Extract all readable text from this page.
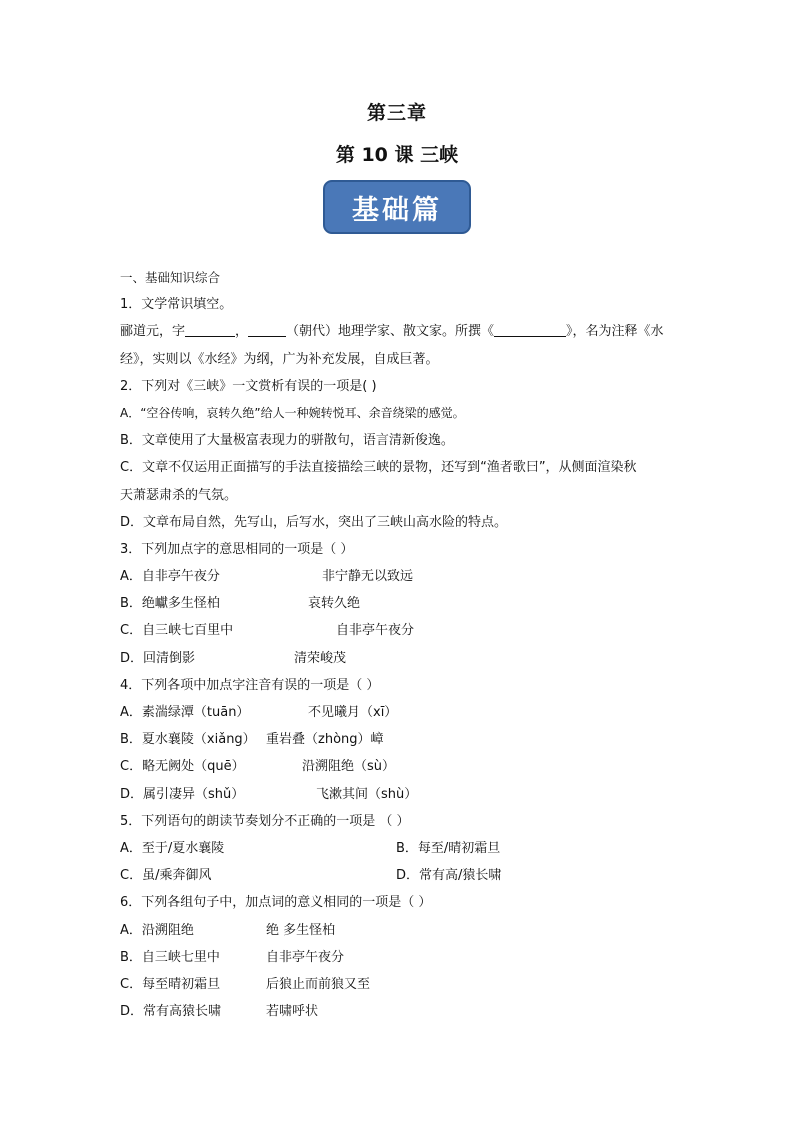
第三章
第 10 课 三峡
基础篇
一、基础知识综合
1．文学常识填空。
郦道元，字	，	（朝代）地理学家、散文家。所撰《	》，名为注释《水
经》，实则以《水经》为纲，广为补充发展，自成巨著。
2．下列对《三峡》一文赏析有误的一项是( )
A．“空谷传响，哀转久绝”给人一种婉转悦耳、余音绕梁的感觉。
B．文章使用了大量极富表现力的骈散句，语言清新俊逸。
C．文章不仅运用正面描写的手法直接描绘三峡的景物，还写到“渔者歌曰”，从侧面渲染秋
天萧瑟肃杀的气氛。
D．文章布局自然，先写山，后写水，突出了三峡山高水险的特点。
3．下列加点字的意思相同的一项是（ ）
A．自非亭午夜分	非宁静无以致远
B．绝巘多生怪柏	哀转久绝
C．自三峡七百里中	自非亭午夜分
D．回清倒影	清荣峻茂
4．下列各项中加点字注音有误的一项是（ ）
A．素湍绿潭（tuān）	不见曦月（xī）
B．夏水襄陵（xiǎng） 重岩叠（zhòng）嶂
C．略无阙处（quē）	沿溯阻绝（sù）
D．属引凄异（shǔ）	飞漱其间（shù）
5．下列语句的朗读节奏划分不正确的一项是 （ ）
A．至于/夏水襄陵	B．每至/晴初霜旦
C．虽/乘奔御风	D．常有高/猿长啸
6．下列各组句子中，加点词的意义相同的一项是（ ）
A．沿溯阻绝	绝 多生怪柏
B．自三峡七里中	自非亭午夜分
C．每至晴初霜旦	后狼止而前狼又至
D．常有高猿长啸	若啸呼状
